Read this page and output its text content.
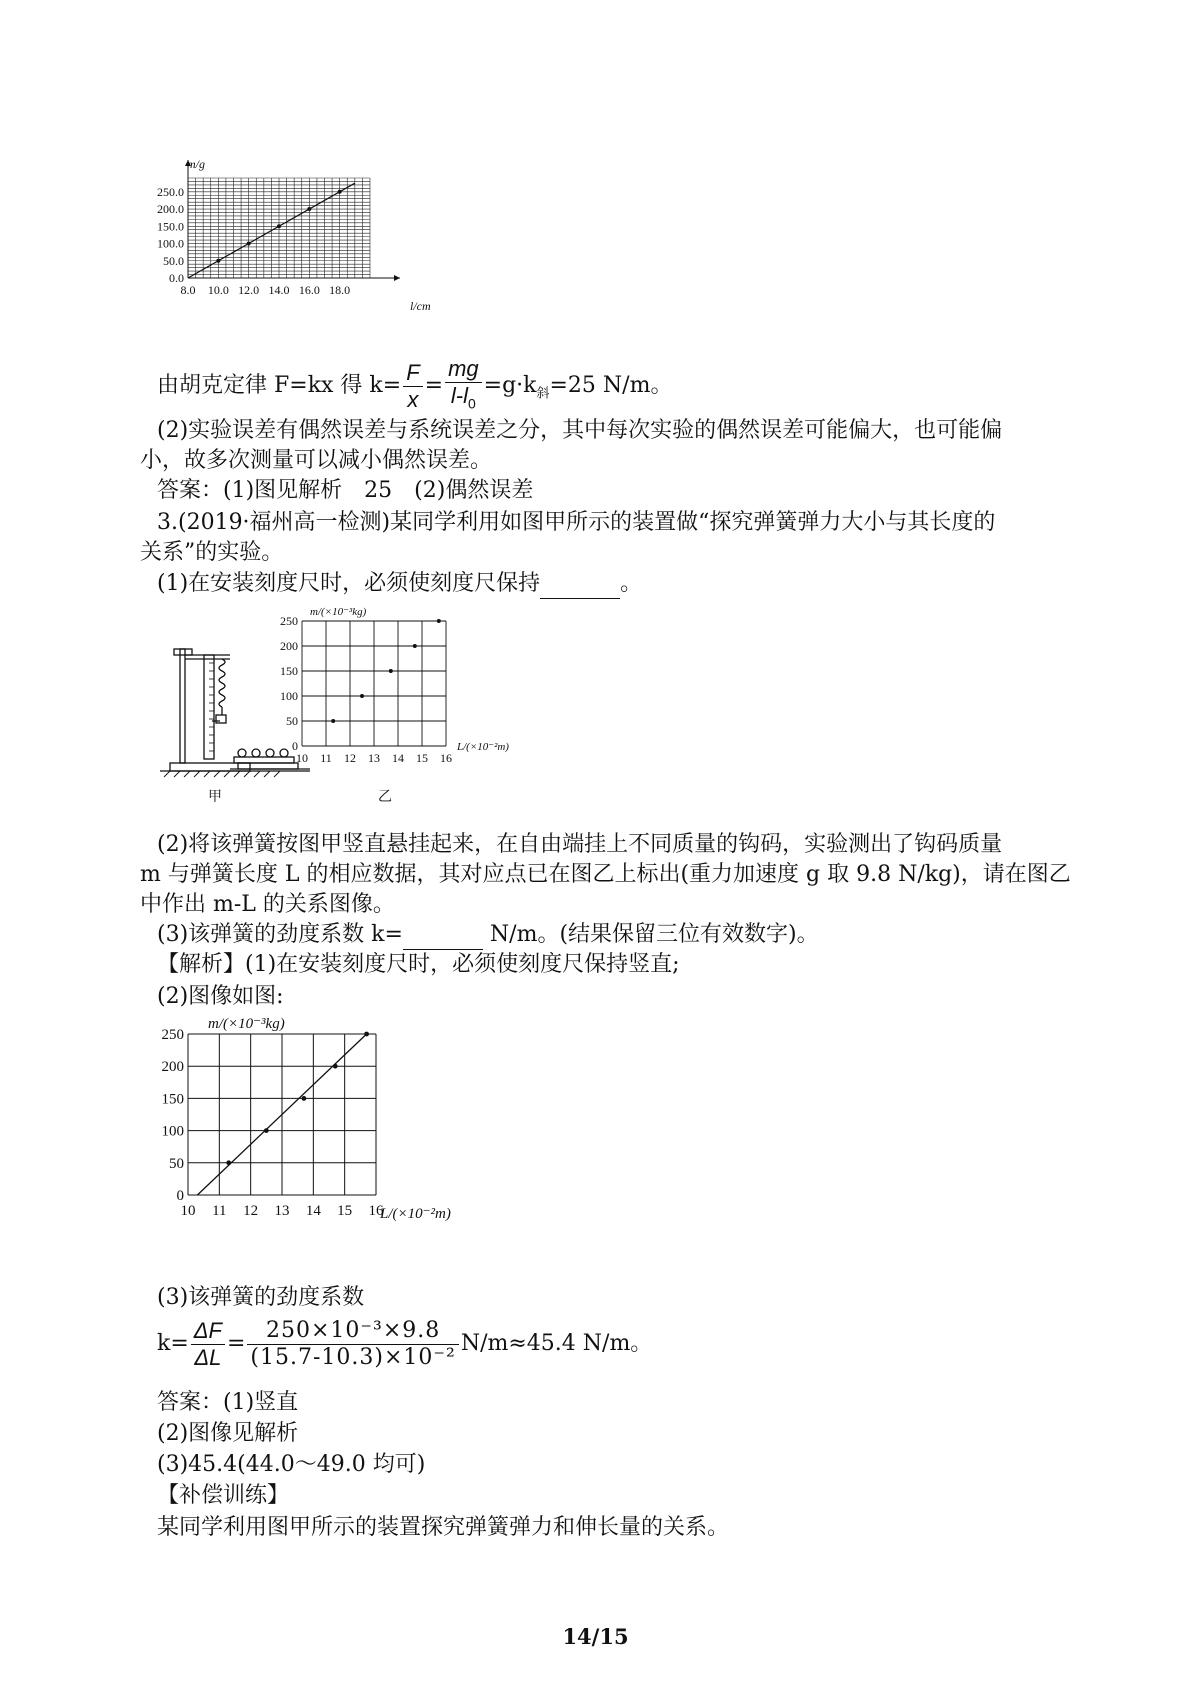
m/g
l/cm
0.0
50.0
100.0
150.0
200.0
250.0
8.0 10.0 12.0 14.0 16.0 18.0
由胡克定律 F=kx 得 $k= \frac{F}{x} = \frac{mg}{l-l_0} =g\cdot k_斜=25$ N/m。
(2)实验误差有偶然误差与系统误差之分，其中每次实验的偶然误差可能偏大，也可能偏
小，故多次测量可以减小偶然误差。
答案：(1)图见解析　25　(2)偶然误差
3.(2019·福州高一检测)某同学利用如图甲所示的装置做“探究弹簧弹力大小与其长度的
关系”的实验。
(1)在安装刻度尺时，必须使刻度尺保持	。
甲	乙
0
50
100
150
200
250
10 11 12 13 14 15 16
m/(×10⁻³kg)
L/(×10⁻²m)
(2)将该弹簧按图甲竖直悬挂起来，在自由端挂上不同质量的钩码，实验测出了钩码质量
m 与弹簧长度 L 的相应数据，其对应点已在图乙上标出(重力加速度 g 取 9.8 N/kg)，请在图乙
中作出 m-L 的关系图像。
(3)该弹簧的劲度系数 k=	N/m。(结果保留三位有效数字)。
【解析】(1)在安装刻度尺时，必须使刻度尺保持竖直;
(2)图像如图:
0
50
100
150
200
250
10 11 12 13 14 15 16
m/(×10⁻³kg)
L/(×10⁻²m)
(3)该弹簧的劲度系数
$k= \frac{\Delta F}{\Delta L} = \frac{\text{250×10⁻³×9.8}}{\text{(15.7-10.3)×10⁻²}} N/m\approx 45.4$ N/m。
答案：(1)竖直
(2)图像见解析
(3)45.4(44.0～49.0 均可)
【补偿训练】
某同学利用图甲所示的装置探究弹簧弹力和伸长量的关系。
14/15
